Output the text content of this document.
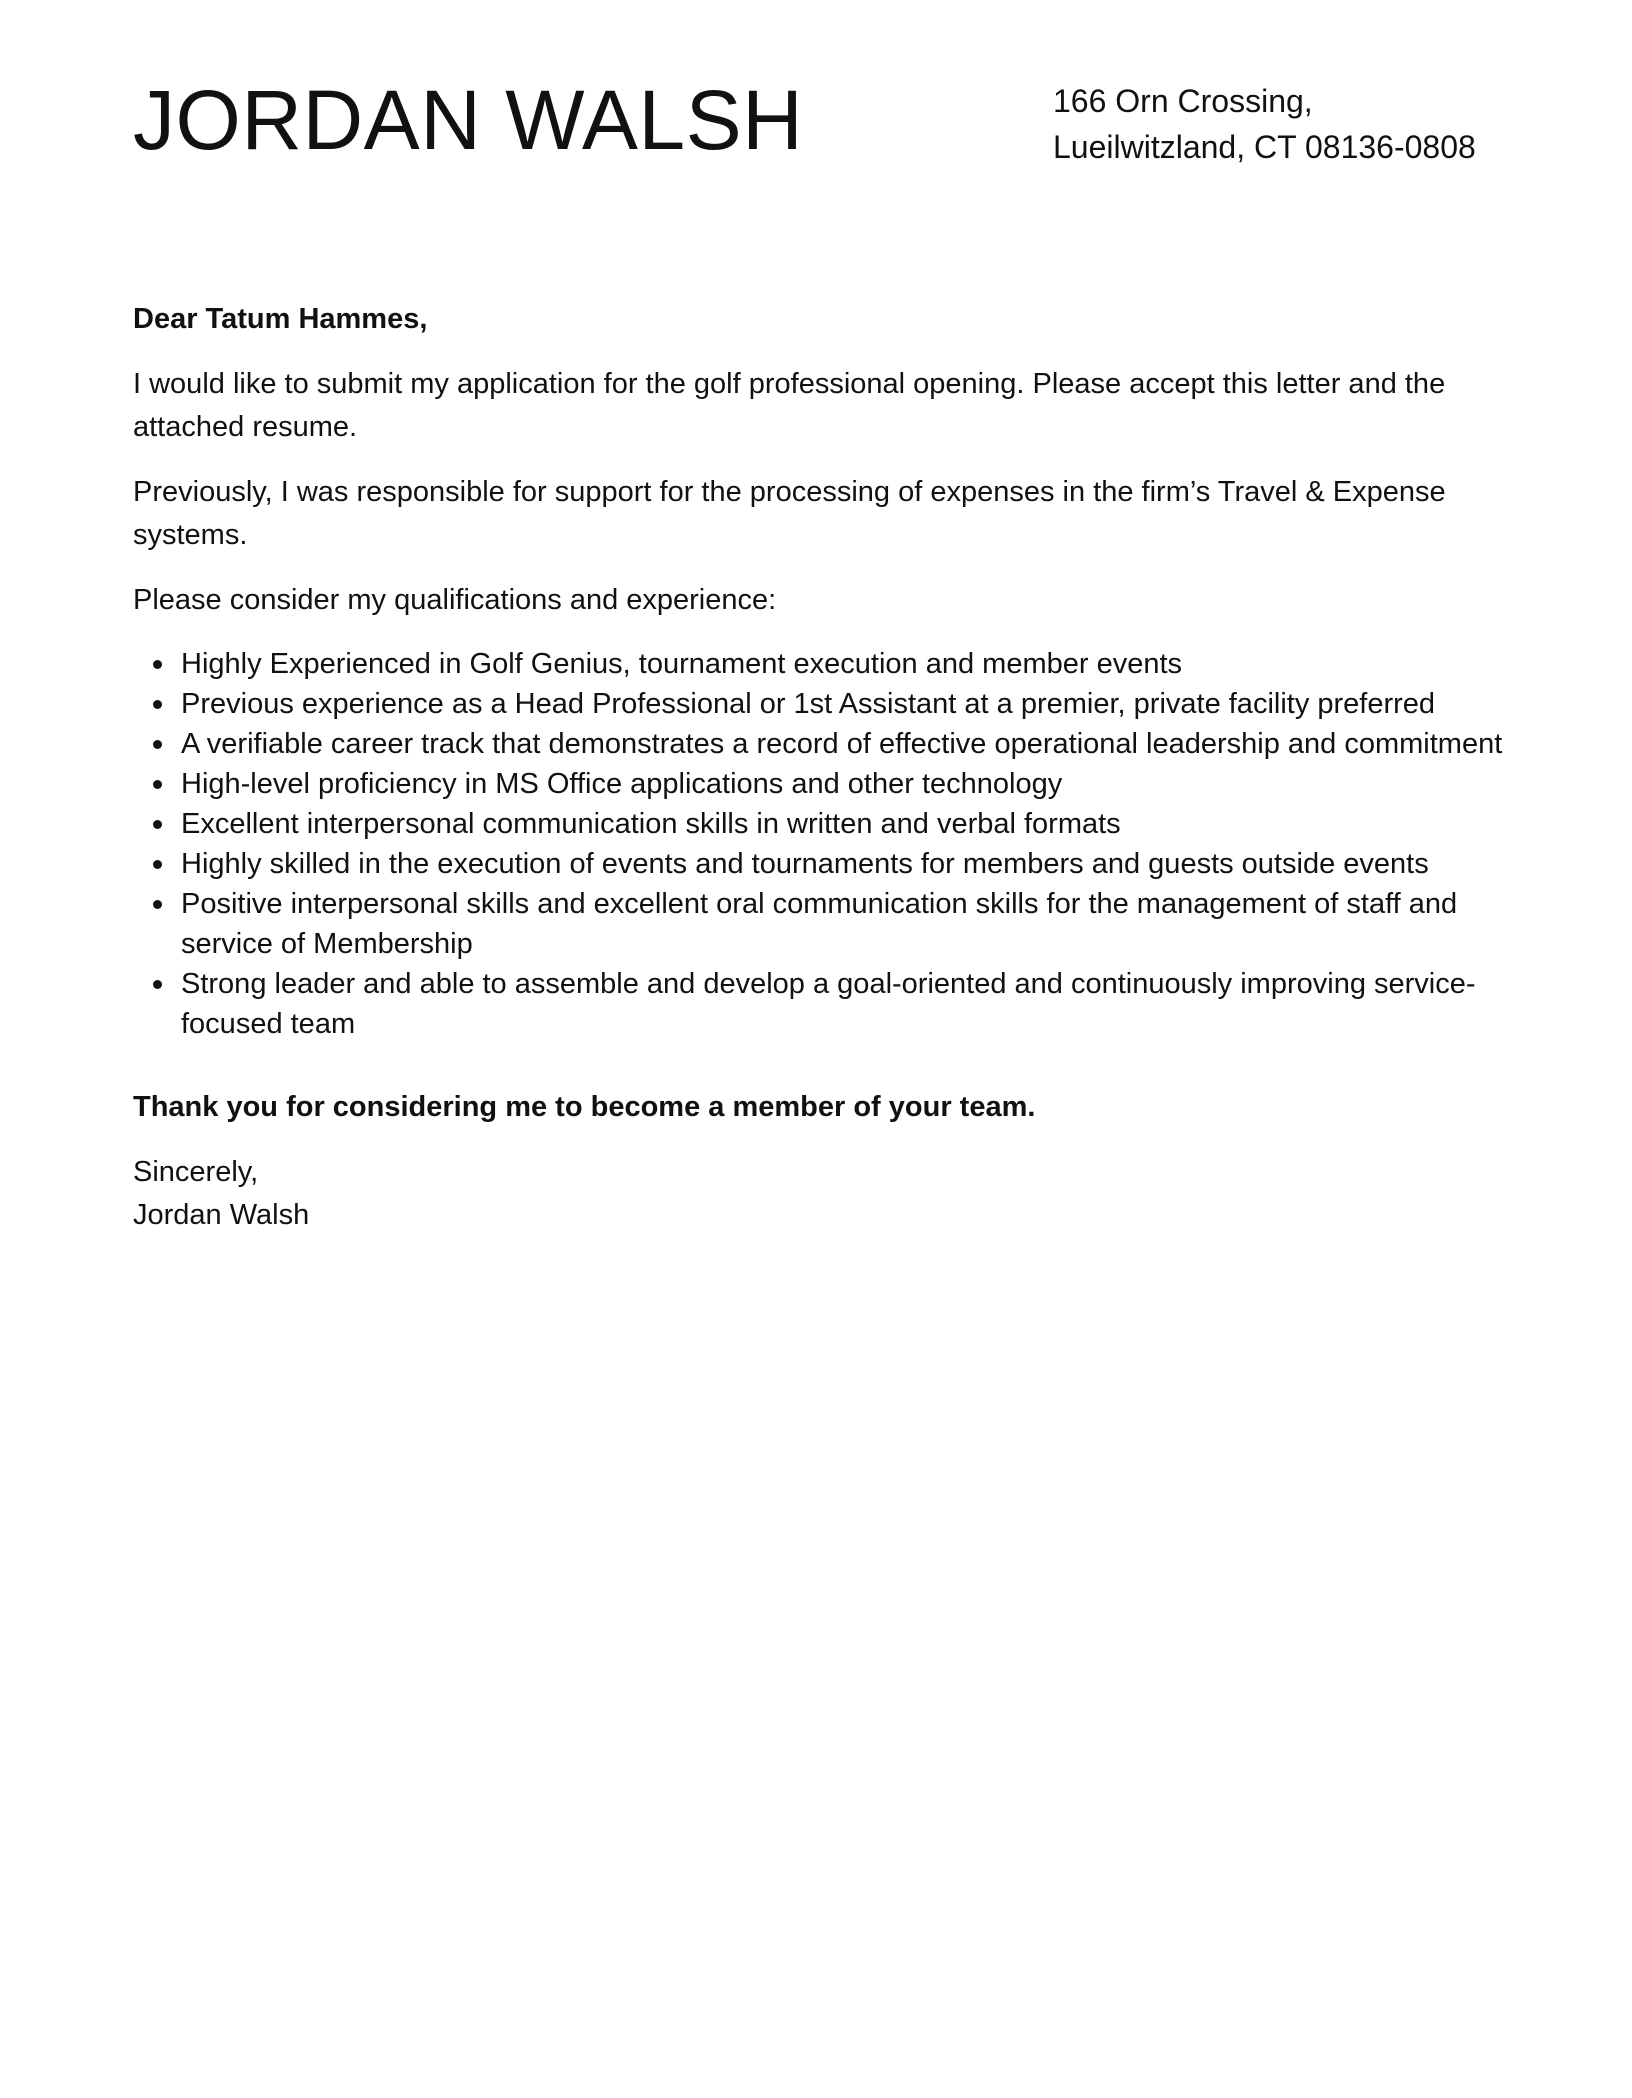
JORDAN WALSH	166 Orn Crossing,
Lueilwitzland, CT 08136-0808

Dear Tatum Hammes,

I would like to submit my application for the golf professional opening. Please accept this letter and the attached resume.

Previously, I was responsible for support for the processing of expenses in the firm’s Travel & Expense systems.

Please consider my qualifications and experience:

Highly Experienced in Golf Genius, tournament execution and member events
Previous experience as a Head Professional or 1st Assistant at a premier, private facility preferred
A verifiable career track that demonstrates a record of effective operational leadership and commitment
High-level proficiency in MS Office applications and other technology
Excellent interpersonal communication skills in written and verbal formats
Highly skilled in the execution of events and tournaments for members and guests outside events
Positive interpersonal skills and excellent oral communication skills for the management of staff and service of Membership
Strong leader and able to assemble and develop a goal-oriented and continuously improving service-focused team

Thank you for considering me to become a member of your team.

Sincerely,
Jordan Walsh
